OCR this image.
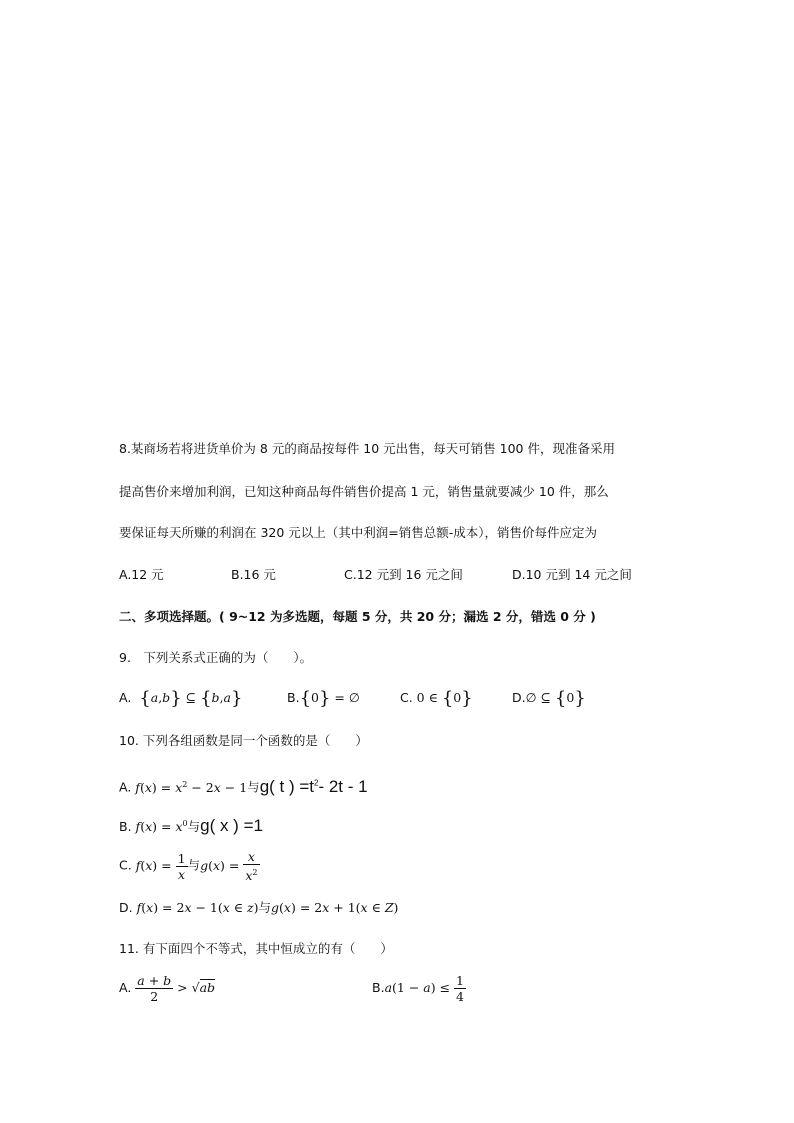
8.某商场若将进货单价为 8 元的商品按每件 10 元出售，每天可销售 100 件，现准备采用
提高售价来增加利润，已知这种商品每件销售价提高 1 元，销售量就要减少 10 件，那么
要保证每天所赚的利润在 320 元以上（其中利润=销售总额-成本），销售价每件应定为
A.12 元	B.16 元	C.12 元到 16 元之间	D.10 元到 14 元之间
二、多项选择题。( 9~12 为多选题，每题 5 分，共 20 分；漏选 2 分，错选 0 分 )
9.　下列关系式正确的为（　　）。
A. {a,b} ⊆ {b,a}	B.{0} = ∅	C. 0 ∈ {0}	D.∅ ⊆ {0}
10. 下列各组函数是同一个函数的是（　　）
A. $f(x) = x^2 - 2x - 1$与g( t ) $=t^2-$ 2t - 1
B. $f(x) = x^0$与g( x ) =1
C. $f(x) = \frac{1}{x}$ 与$g(x) = \frac{x}{x^2}$
D. f(x) = 2x − 1(x ∈ z)与g(x) = 2x + 1(x ∈ Z)
11. 有下面四个不等式，其中恒成立的有（　　）
A. $\frac{a + b}{2} > √ab$	$B.a(1 - a) \le \frac{1}{4}$
